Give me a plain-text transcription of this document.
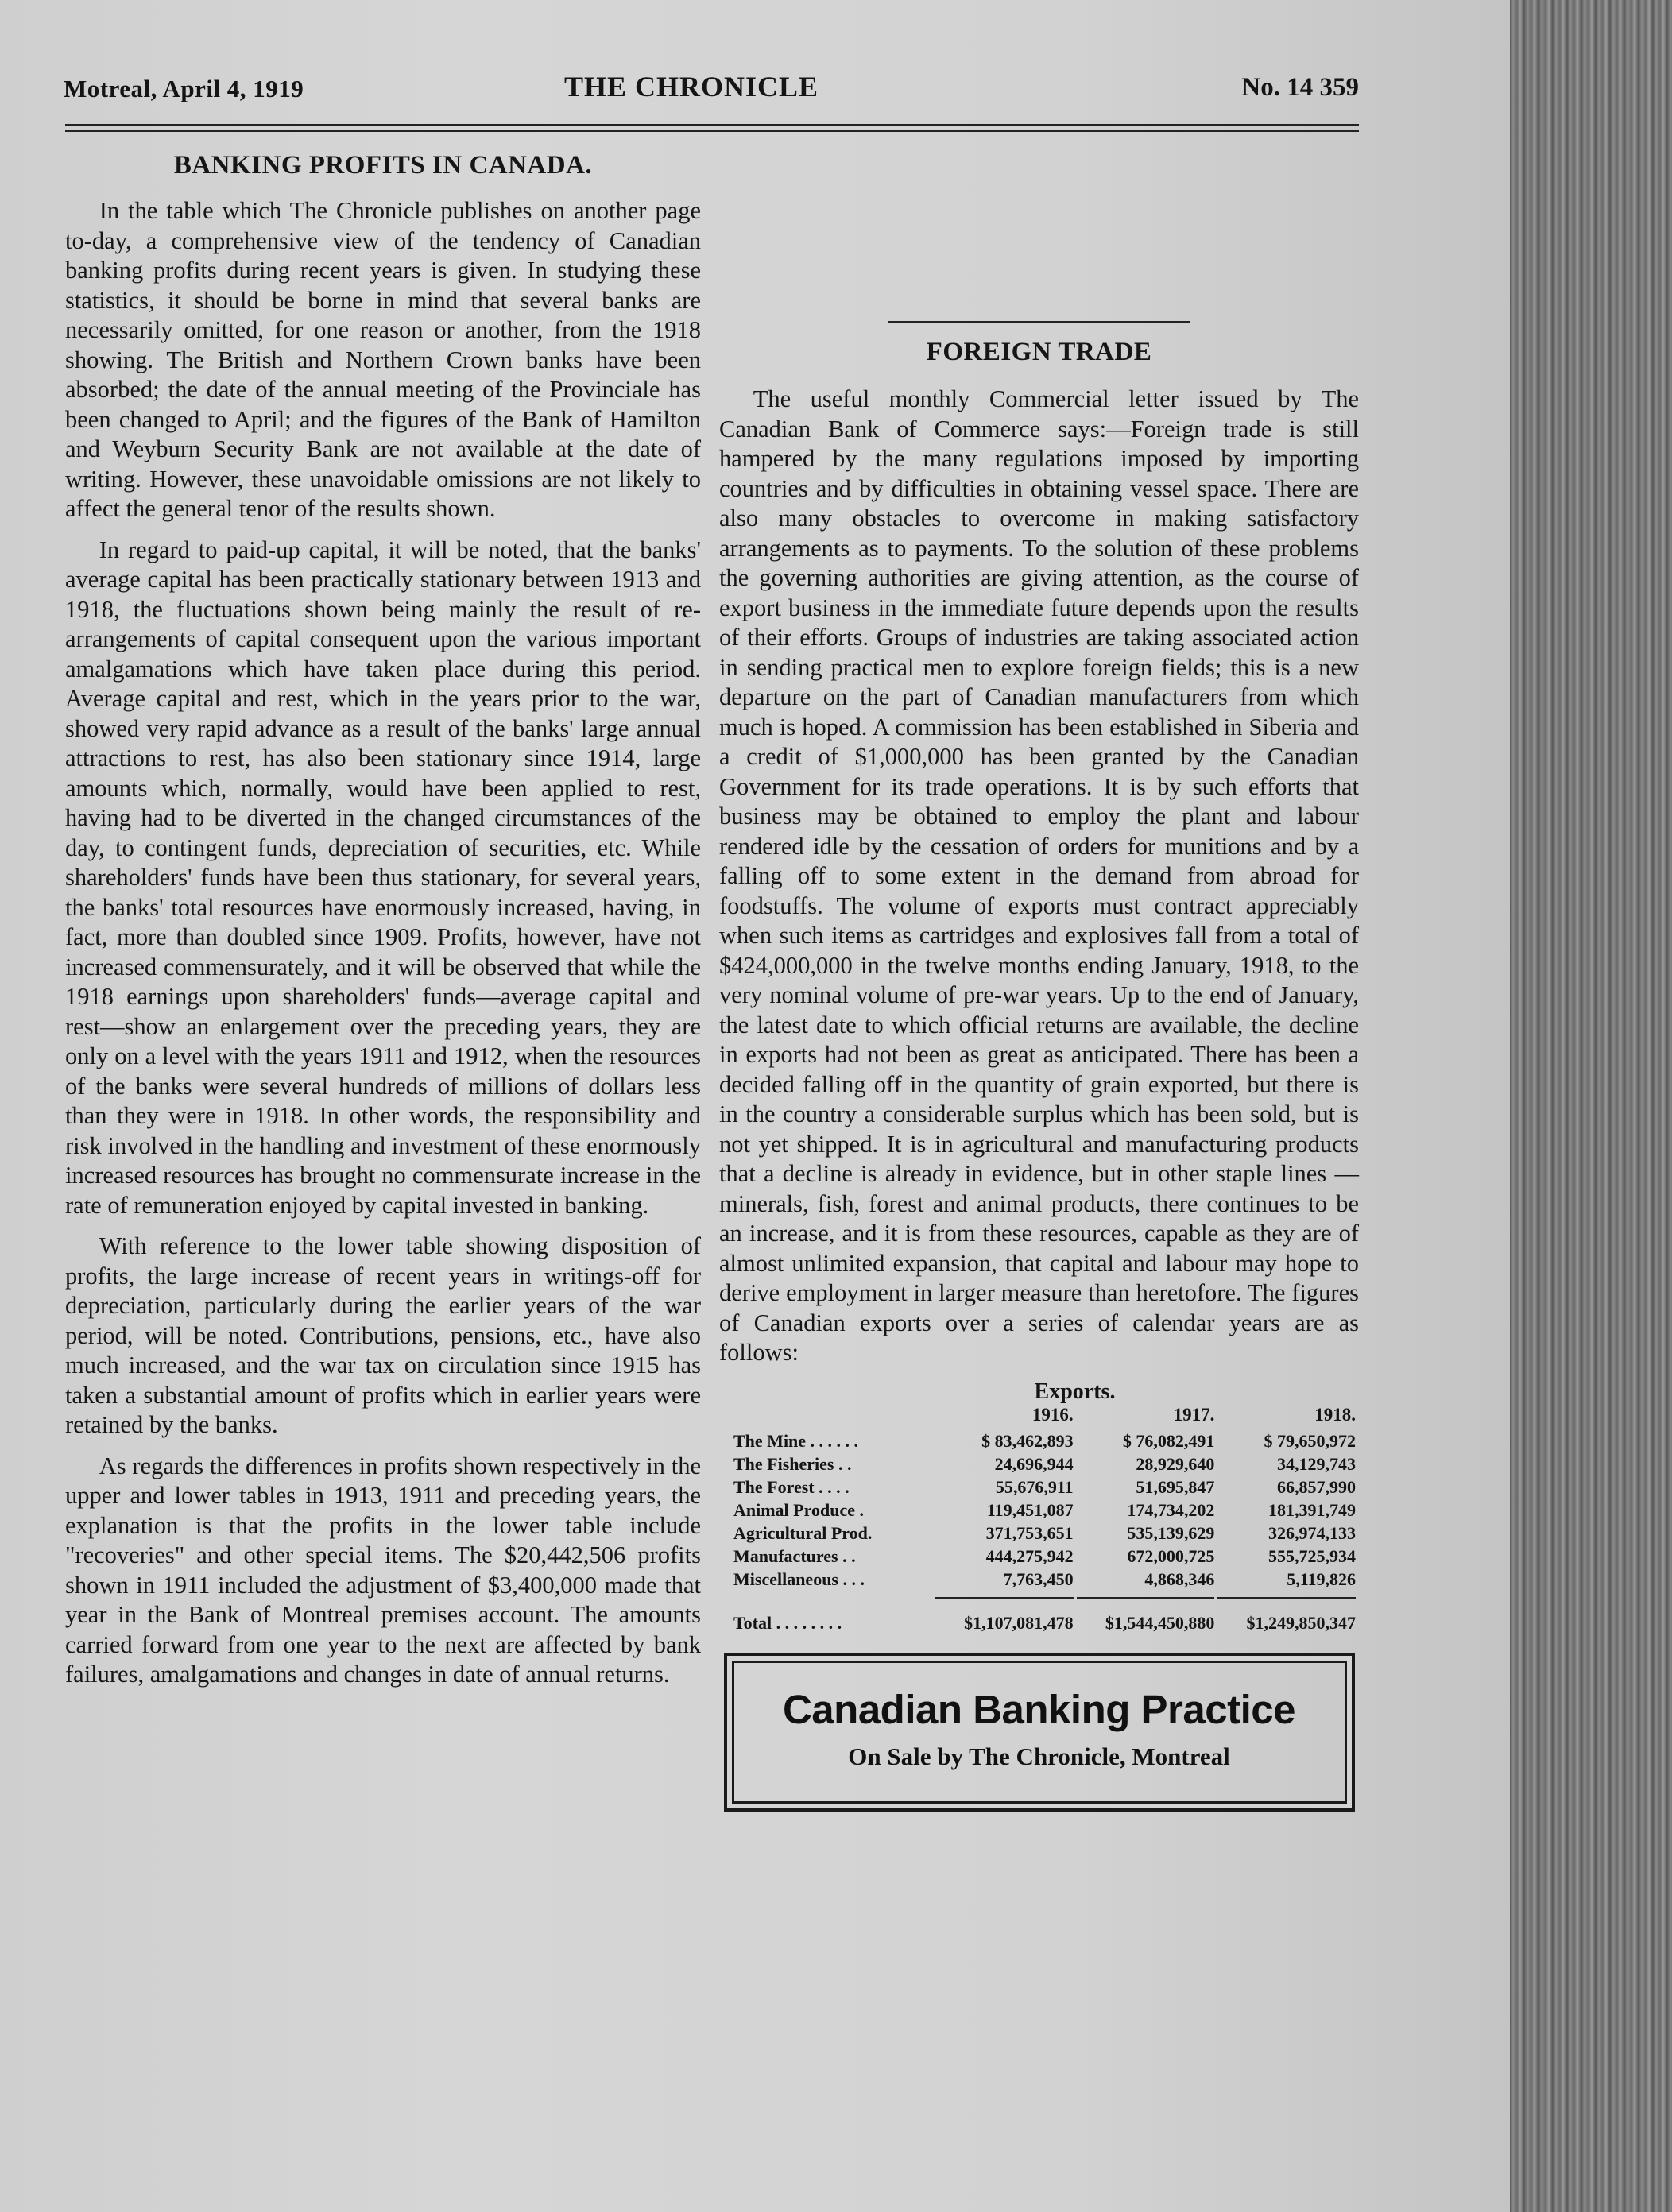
Motreal, April 4, 1919	THE CHRONICLE	No. 14 359
BANKING PROFITS IN CANADA.

In the table which The Chronicle publishes on another page to-day, a comprehensive view of the tendency of Canadian banking profits during recent years is given. In studying these statistics, it should be borne in mind that several banks are necessarily omitted, for one reason or another, from the 1918 showing. The British and Northern Crown banks have been absorbed; the date of the annual meeting of the Provinciale has been changed to April; and the figures of the Bank of Hamilton and Weyburn Security Bank are not available at the date of writing. However, these unavoidable omissions are not likely to affect the general tenor of the results shown.

In regard to paid-up capital, it will be noted, that the banks' average capital has been practically stationary between 1913 and 1918, the fluctuations shown being mainly the result of re-arrangements of capital consequent upon the various important amalgamations which have taken place during this period. Average capital and rest, which in the years prior to the war, showed very rapid advance as a result of the banks' large annual attractions to rest, has also been stationary since 1914, large amounts which, normally, would have been applied to rest, having had to be diverted in the changed circumstances of the day, to contingent funds, depreciation of securities, etc. While shareholders' funds have been thus stationary, for several years, the banks' total resources have enormously increased, having, in fact, more than doubled since 1909. Profits, however, have not increased commensurately, and it will be observed that while the 1918 earnings upon shareholders' funds—average capital and rest—show an enlargement over the preceding years, they are only on a level with the years 1911 and 1912, when the resources of the banks were several hundreds of millions of dollars less than they were in 1918. In other words, the responsibility and risk involved in the handling and investment of these enormously increased resources has brought no commensurate increase in the rate of remuneration enjoyed by capital invested in banking.

With reference to the lower table showing disposition of profits, the large increase of recent years in writings-off for depreciation, particularly during the earlier years of the war period, will be noted. Contributions, pensions, etc., have also much increased, and the war tax on circulation since 1915 has taken a substantial amount of profits which in earlier years were retained by the banks.

As regards the differences in profits shown respectively in the upper and lower tables in 1913, 1911 and preceding years, the explanation is that the profits in the lower table include "recoveries" and other special items. The $20,442,506 profits shown in 1911 included the adjustment of $3,400,000 made that year in the Bank of Montreal premises account. The amounts carried forward from one year to the next are affected by bank failures, amalgamations and changes in date of annual returns.

FOREIGN TRADE

The useful monthly Commercial letter issued by The Canadian Bank of Commerce says:—Foreign trade is still hampered by the many regulations imposed by importing countries and by difficulties in obtaining vessel space. There are also many obstacles to overcome in making satisfactory arrangements as to payments. To the solution of these problems the governing authorities are giving attention, as the course of export business in the immediate future depends upon the results of their efforts. Groups of industries are taking associated action in sending practical men to explore foreign fields; this is a new departure on the part of Canadian manufacturers from which much is hoped. A commission has been established in Siberia and a credit of $1,000,000 has been granted by the Canadian Government for its trade operations. It is by such efforts that business may be obtained to employ the plant and labour rendered idle by the cessation of orders for munitions and by a falling off to some extent in the demand from abroad for foodstuffs. The volume of exports must contract appreciably when such items as cartridges and explosives fall from a total of $424,000,000 in the twelve months ending January, 1918, to the very nominal volume of pre-war years. Up to the end of January, the latest date to which official returns are available, the decline in exports had not been as great as anticipated. There has been a decided falling off in the quantity of grain exported, but there is in the country a considerable surplus which has been sold, but is not yet shipped. It is in agricultural and manufacturing products that a decline is already in evidence, but in other staple lines — minerals, fish, forest and animal products, there continues to be an increase, and it is from these resources, capable as they are of almost unlimited expansion, that capital and labour may hope to derive employment in larger measure than heretofore. The figures of Canadian exports over a series of calendar years are as follows:

Exports.
	1916.	1917.	1918.
The Mine . . . . . .	$ 83,462,893	$ 76,082,491	$ 79,650,972
The Fisheries . .	24,696,944	28,929,640	34,129,743
The Forest . . . .	55,676,911	51,695,847	66,857,990
Animal Produce .	119,451,087	174,734,202	181,391,749
Agricultural Prod.	371,753,651	535,139,629	326,974,133
Manufactures . .	444,275,942	672,000,725	555,725,934
Miscellaneous . . .	7,763,450	4,868,346	5,119,826

Total . . . . . . . .	$1,107,081,478	$1,544,450,880	$1,249,850,347
Canadian Banking Practice
On Sale by The Chronicle, Montreal
